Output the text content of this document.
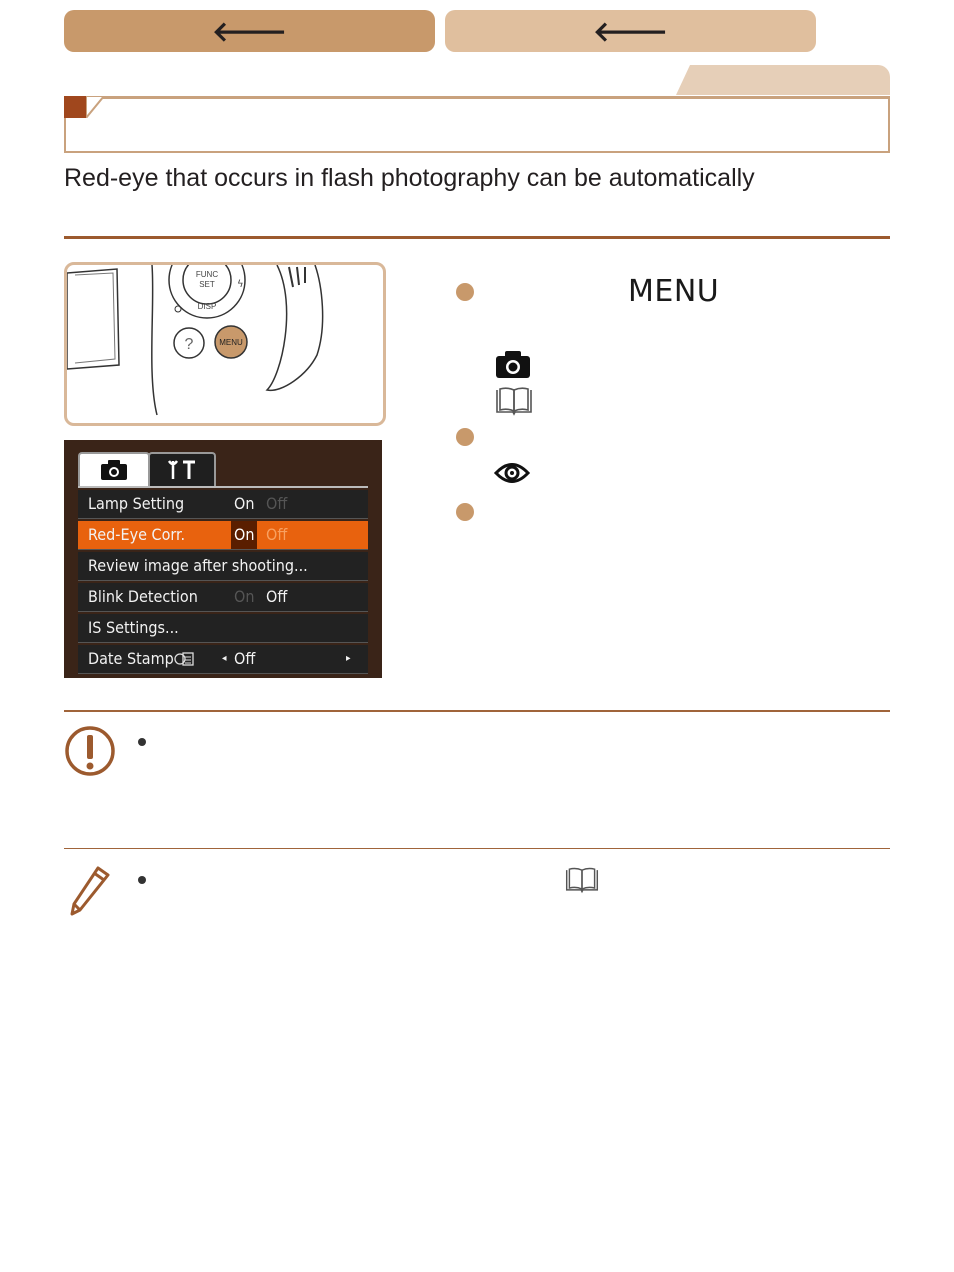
🡐	🡐
Red-eye that occurs in flash photography can be automatically
FUNC
SET
DISP
ϟ
?	MENU
Lamp Setting	On Off
Red-Eye Corr.	On Off
Review image after shooting...
Blink Detection On Off
IS Settings...
Date Stamp	◂ Off	▸
MENU
